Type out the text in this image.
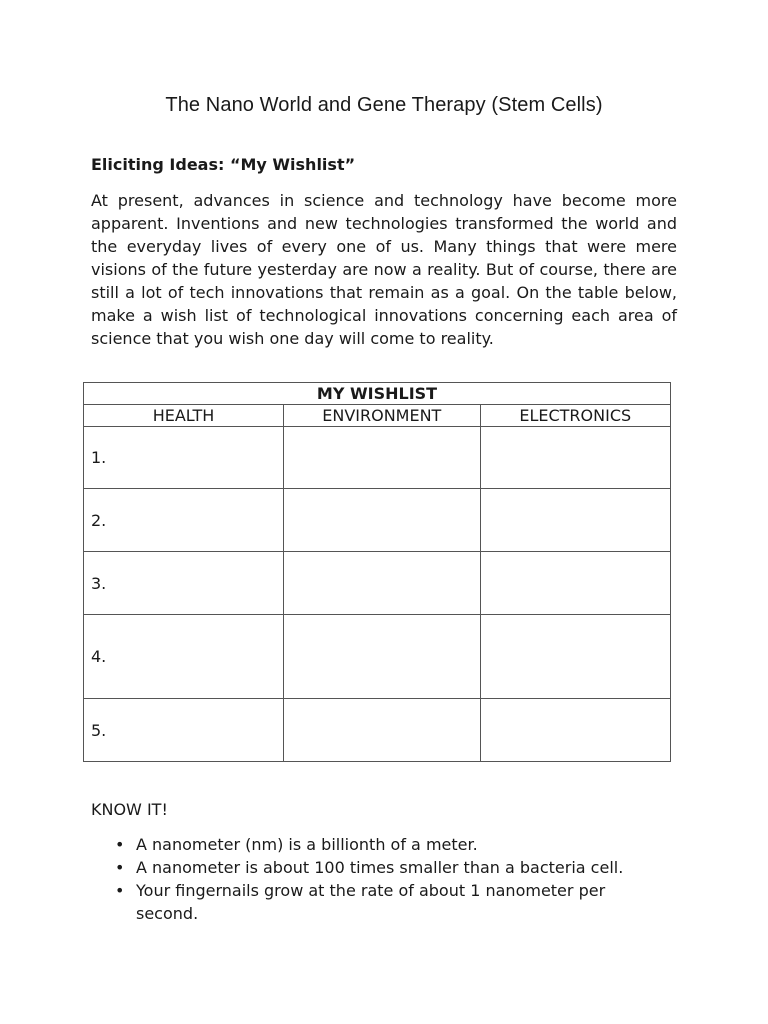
The Nano World and Gene Therapy (Stem Cells)
Eliciting Ideas: “My Wishlist”

At present, advances in science and technology have become more apparent. Inventions and new technologies transformed the world and the everyday lives of every one of us. Many things that were mere visions of the future yesterday are now a reality. But of course, there are still a lot of tech innovations that remain as a goal. On the table below, make a wish list of technological innovations concerning each area of science that you wish one day will come to reality.

MY WISHLIST		
HEALTH	ENVIRONMENT	ELECTRONICS
1.		
2.		
3.		
4.		
5.		
KNOW IT!
• A nanometer (nm) is a billionth of a meter.
• A nanometer is about 100 times smaller than a bacteria cell.
• Your fingernails grow at the rate of about 1 nanometer per second.
